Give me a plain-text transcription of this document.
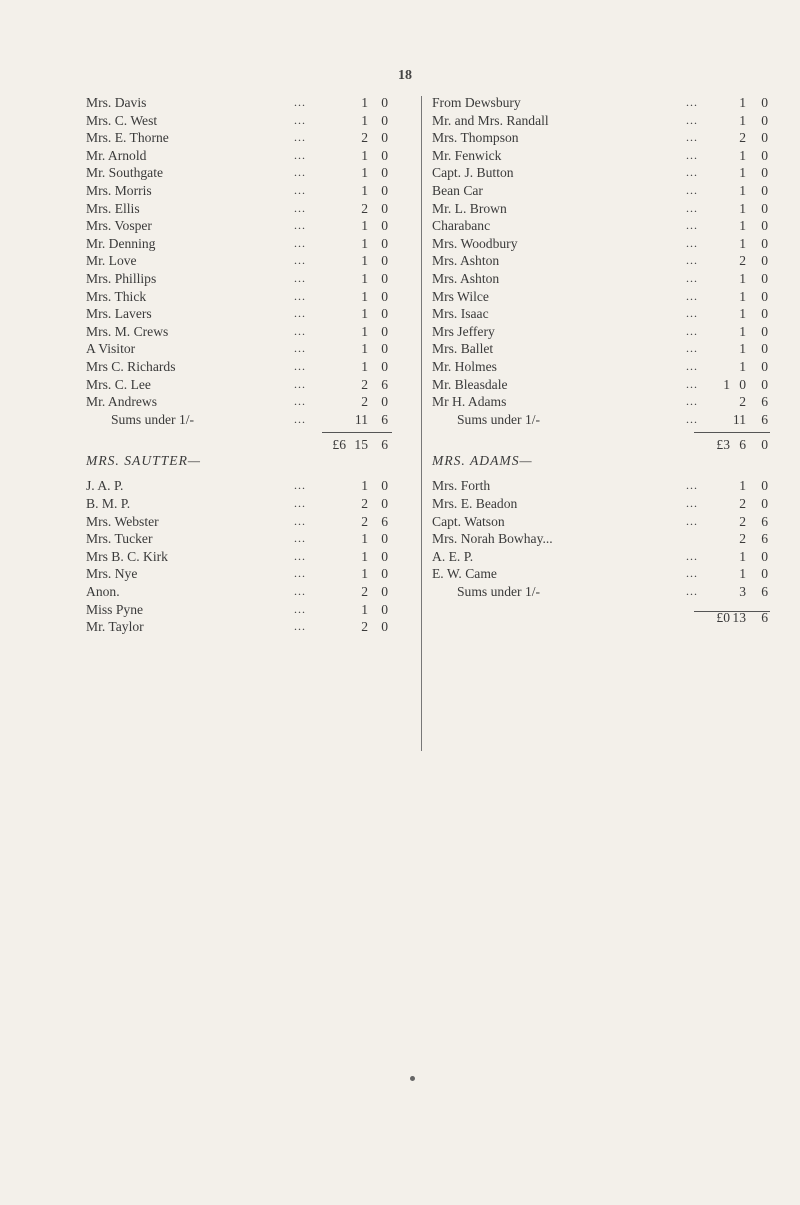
18
Mrs. Davis	...	1 0
Mrs. C. West	...	1 0
Mrs. E. Thorne	...	2 0
Mr. Arnold	...	1 0
Mr. Southgate	...	1 0
Mrs. Morris	...	1 0
Mrs. Ellis	...	2 0
Mrs. Vosper	...	1 0
Mr. Denning	...	1 0
Mr. Love	...	1 0
Mrs. Phillips	...	1 0
Mrs. Thick	...	1 0
Mrs. Lavers	...	1 0
Mrs. M. Crews	...	1 0
A Visitor	...	1 0
Mrs C. Richards	...	1 0
Mrs. C. Lee	...	2 6
Mr. Andrews	...	2 0
Sums under 1/-	...	11 6
£6 15 6
MRS. SAUTTER—
J. A. P.	...	1 0
B. M. P.	...	2 0
Mrs. Webster	...	2 6
Mrs. Tucker	...	1 0
Mrs B. C. Kirk	...	1 0
Mrs. Nye	...	1 0
Anon.	...	2 0
Miss Pyne	...	1 0
Mr. Taylor	...	2 0
From Dewsbury	...	1	0
Mr. and Mrs. Randall	...	1	0
Mrs. Thompson	...	2	0
Mr. Fenwick	...	1	0
Capt. J. Button	...	1	0
Bean Car	...	1	0
Mr. L. Brown	...	1	0
Charabanc	...	1	0
Mrs. Woodbury	...	1	0
Mrs. Ashton	...	2	0
Mrs. Ashton	...	1	0
Mrs Wilce	...	1	0
Mrs. Isaac	...	1	0
Mrs Jeffery	...	1	0
Mrs. Ballet	...	1	0
Mr. Holmes	...	1	0
Mr. Bleasdale	...	1 0	0
Mr H. Adams	...	2	6
Sums under 1/-	...	11	6
£3 6	0
MRS. ADAMS—
Mrs. Forth	...	1	0
Mrs. E. Beadon	...	2	0
Capt. Watson	...	2	6
Mrs. Norah Bowhay...	2	6
A. E. P.	...	1	0
E. W. Came	...	1	0
Sums under 1/-	...	3	6
£0 13	6
